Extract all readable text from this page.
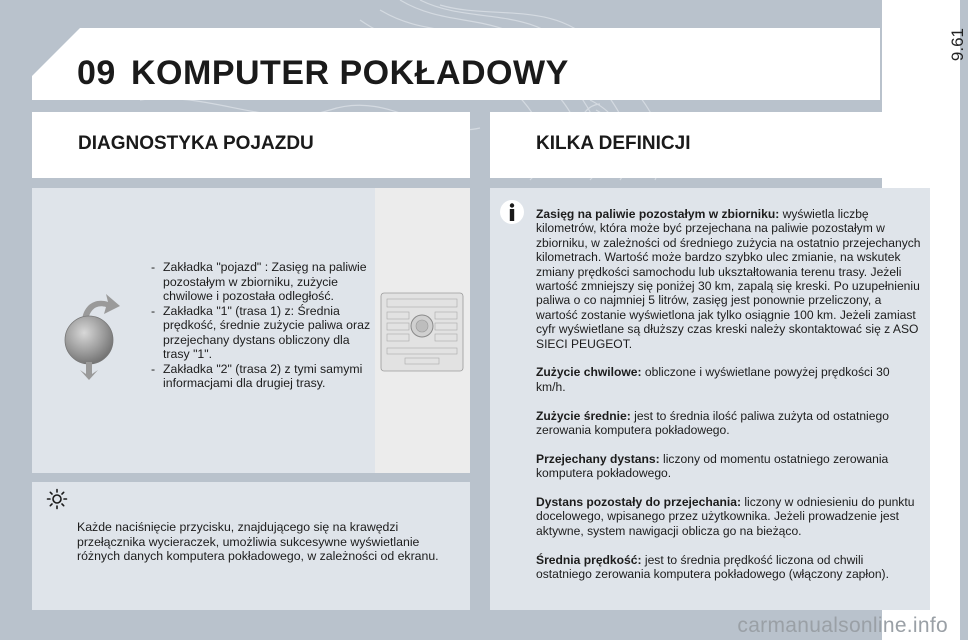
9.61
09 KOMPUTER POKŁADOWY
DIAGNOSTYKA POJAZDU	KILKA DEFINICJI
- Zakładka "pojazd" : Zasięg na paliwie pozostałym w zbiorniku, zużycie chwilowe i pozostała odległość.
- Zakładka "1" (trasa 1) z: Średnia prędkość, średnie zużycie paliwa oraz przejechany dystans obliczony dla trasy "1".
- Zakładka "2" (trasa 2) z tymi samymi informacjami dla drugiej trasy.
Każde naciśnięcie przycisku, znajdującego się na krawędzi przełącznika wycieraczek, umożliwia sukcesywne wyświetlanie różnych danych komputera pokładowego, w zależności od ekranu.

Zasięg na paliwie pozostałym w zbiorniku: wyświetla liczbę kilometrów, która może być przejechana na paliwie pozostałym w zbiorniku, w zależności od średniego zużycia na ostatnio przejechanych kilometrach. Wartość może bardzo szybko ulec zmianie, na wskutek zmiany prędkości samochodu lub ukształtowania terenu trasy. Jeżeli wartość zmniejszy się poniżej 30 km, zapalą się kreski. Po uzupełnieniu paliwa o co najmniej 5 litrów, zasięg jest ponownie przeliczony, a wartość zostanie wyświetlona jak tylko osiągnie 100 km. Jeżeli zamiast cyfr wyświetlane są dłuższy czas kreski należy skontaktować się z ASO SIECI PEUGEOT.

Zużycie chwilowe: obliczone i wyświetlane powyżej prędkości 30 km/h.

Zużycie średnie: jest to średnia ilość paliwa zużyta od ostatniego zerowania komputera pokładowego.

Przejechany dystans: liczony od momentu ostatniego zerowania komputera pokładowego.

Dystans pozostały do przejechania: liczony w odniesieniu do punktu docelowego, wpisanego przez użytkownika. Jeżeli prowadzenie jest aktywne, system nawigacji oblicza go na bieżąco.

Średnia prędkość: jest to średnia prędkość liczona od chwili ostatniego zerowania komputera pokładowego (włączony zapłon).

carmanualsonline.info
